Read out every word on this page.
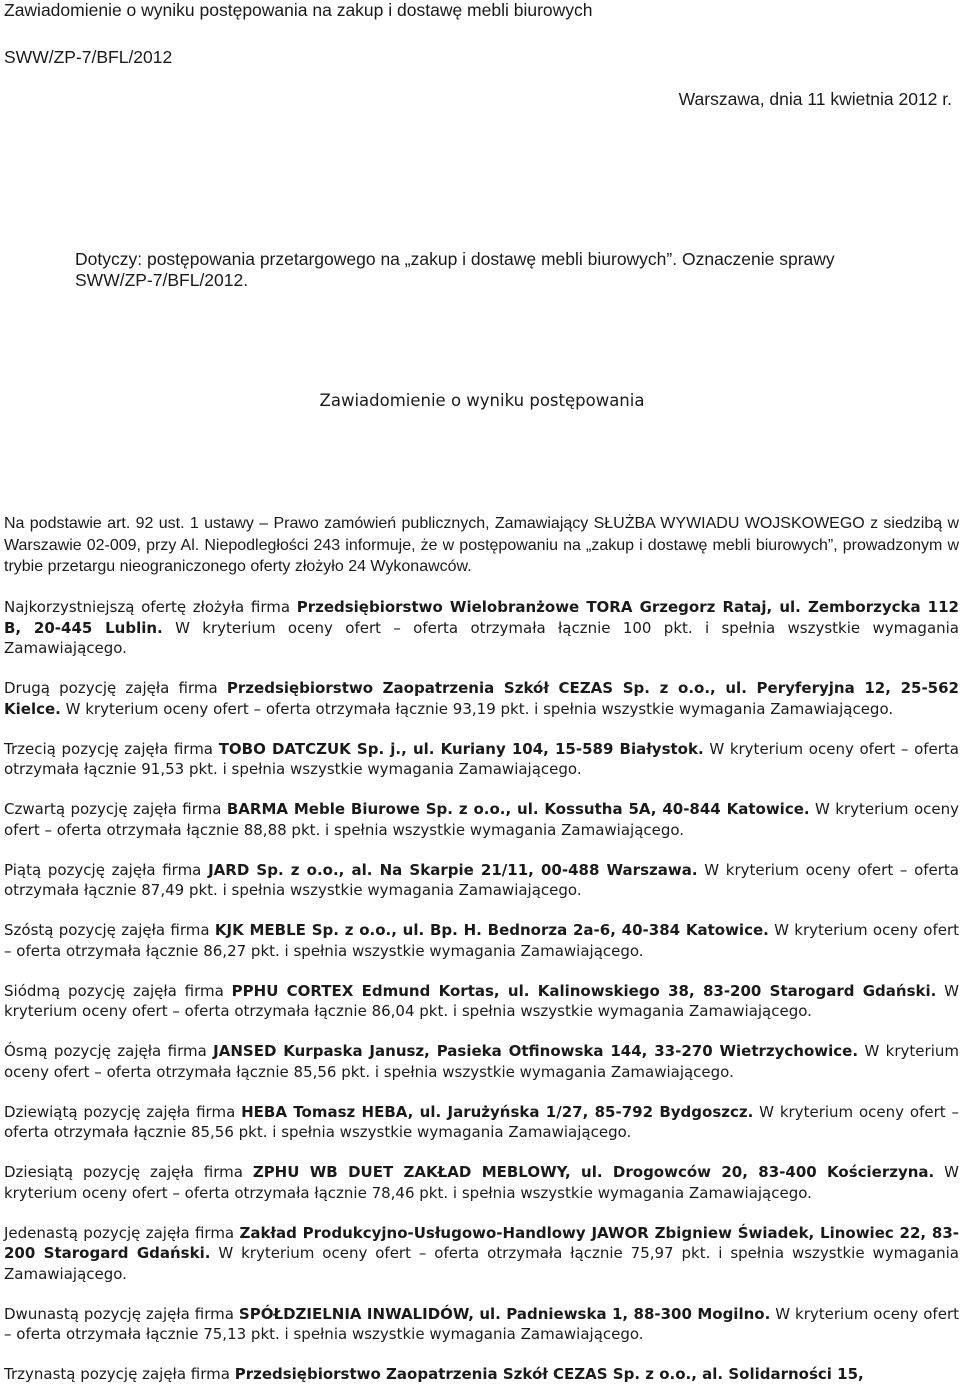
Zawiadomienie o wyniku postępowania na zakup i dostawę mebli biurowych
SWW/ZP-7/BFL/2012
Warszawa, dnia 11 kwietnia 2012 r.
Dotyczy: postępowania przetargowego na „zakup i dostawę mebli biurowych”. Oznaczenie sprawy SWW/ZP-7/BFL/2012.
Zawiadomienie o wyniku postępowania

Na podstawie art. 92 ust. 1 ustawy – Prawo zamówień publicznych, Zamawiający SŁUŻBA WYWIADU WOJSKOWEGO z siedzibą w Warszawie 02-009, przy Al. Niepodległości 243 informuje, że w postępowaniu na „zakup i dostawę mebli biurowych”, prowadzonym w trybie przetargu nieograniczonego oferty złożyło 24 Wykonawców.

Najkorzystniejszą ofertę złożyła firma Przedsiębiorstwo Wielobranżowe TORA Grzegorz Rataj, ul. Zemborzycka 112 B, 20-445 Lublin. W kryterium oceny ofert – oferta otrzymała łącznie 100 pkt. i spełnia wszystkie wymagania Zamawiającego.

Drugą pozycję zajęła firma Przedsiębiorstwo Zaopatrzenia Szkół CEZAS Sp. z o.o., ul. Peryferyjna 12, 25-562 Kielce. W kryterium oceny ofert – oferta otrzymała łącznie 93,19 pkt. i spełnia wszystkie wymagania Zamawiającego.

Trzecią pozycję zajęła firma TOBO DATCZUK Sp. j., ul. Kuriany 104, 15-589 Białystok. W kryterium oceny ofert – oferta otrzymała łącznie 91,53 pkt. i spełnia wszystkie wymagania Zamawiającego.

Czwartą pozycję zajęła firma BARMA Meble Biurowe Sp. z o.o., ul. Kossutha 5A, 40-844 Katowice. W kryterium oceny ofert – oferta otrzymała łącznie 88,88 pkt. i spełnia wszystkie wymagania Zamawiającego.

Piątą pozycję zajęła firma JARD Sp. z o.o., al. Na Skarpie 21/11, 00-488 Warszawa. W kryterium oceny ofert – oferta otrzymała łącznie 87,49 pkt. i spełnia wszystkie wymagania Zamawiającego.

Szóstą pozycję zajęła firma KJK MEBLE Sp. z o.o., ul. Bp. H. Bednorza 2a-6, 40-384 Katowice. W kryterium oceny ofert – oferta otrzymała łącznie 86,27 pkt. i spełnia wszystkie wymagania Zamawiającego.

Siódmą pozycję zajęła firma PPHU CORTEX Edmund Kortas, ul. Kalinowskiego 38, 83-200 Starogard Gdański. W kryterium oceny ofert – oferta otrzymała łącznie 86,04 pkt. i spełnia wszystkie wymagania Zamawiającego.

Ósmą pozycję zajęła firma JANSED Kurpaska Janusz, Pasieka Otfinowska 144, 33-270 Wietrzychowice. W kryterium oceny ofert – oferta otrzymała łącznie 85,56 pkt. i spełnia wszystkie wymagania Zamawiającego.

Dziewiątą pozycję zajęła firma HEBA Tomasz HEBA, ul. Jarużyńska 1/27, 85-792 Bydgoszcz. W kryterium oceny ofert – oferta otrzymała łącznie 85,56 pkt. i spełnia wszystkie wymagania Zamawiającego.

Dziesiątą pozycję zajęła firma ZPHU WB DUET ZAKŁAD MEBLOWY, ul. Drogowców 20, 83-400 Kościerzyna. W kryterium oceny ofert – oferta otrzymała łącznie 78,46 pkt. i spełnia wszystkie wymagania Zamawiającego.

Jedenastą pozycję zajęła firma Zakład Produkcyjno-Usługowo-Handlowy JAWOR Zbigniew Świadek, Linowiec 22, 83-200 Starogard Gdański. W kryterium oceny ofert – oferta otrzymała łącznie 75,97 pkt. i spełnia wszystkie wymagania Zamawiającego.

Dwunastą pozycję zajęła firma SPÓŁDZIELNIA INWALIDÓW, ul. Padniewska 1, 88-300 Mogilno. W kryterium oceny ofert – oferta otrzymała łącznie 75,13 pkt. i spełnia wszystkie wymagania Zamawiającego.

Trzynastą pozycję zajęła firma Przedsiębiorstwo Zaopatrzenia Szkół CEZAS Sp. z o.o., al. Solidarności 15,
